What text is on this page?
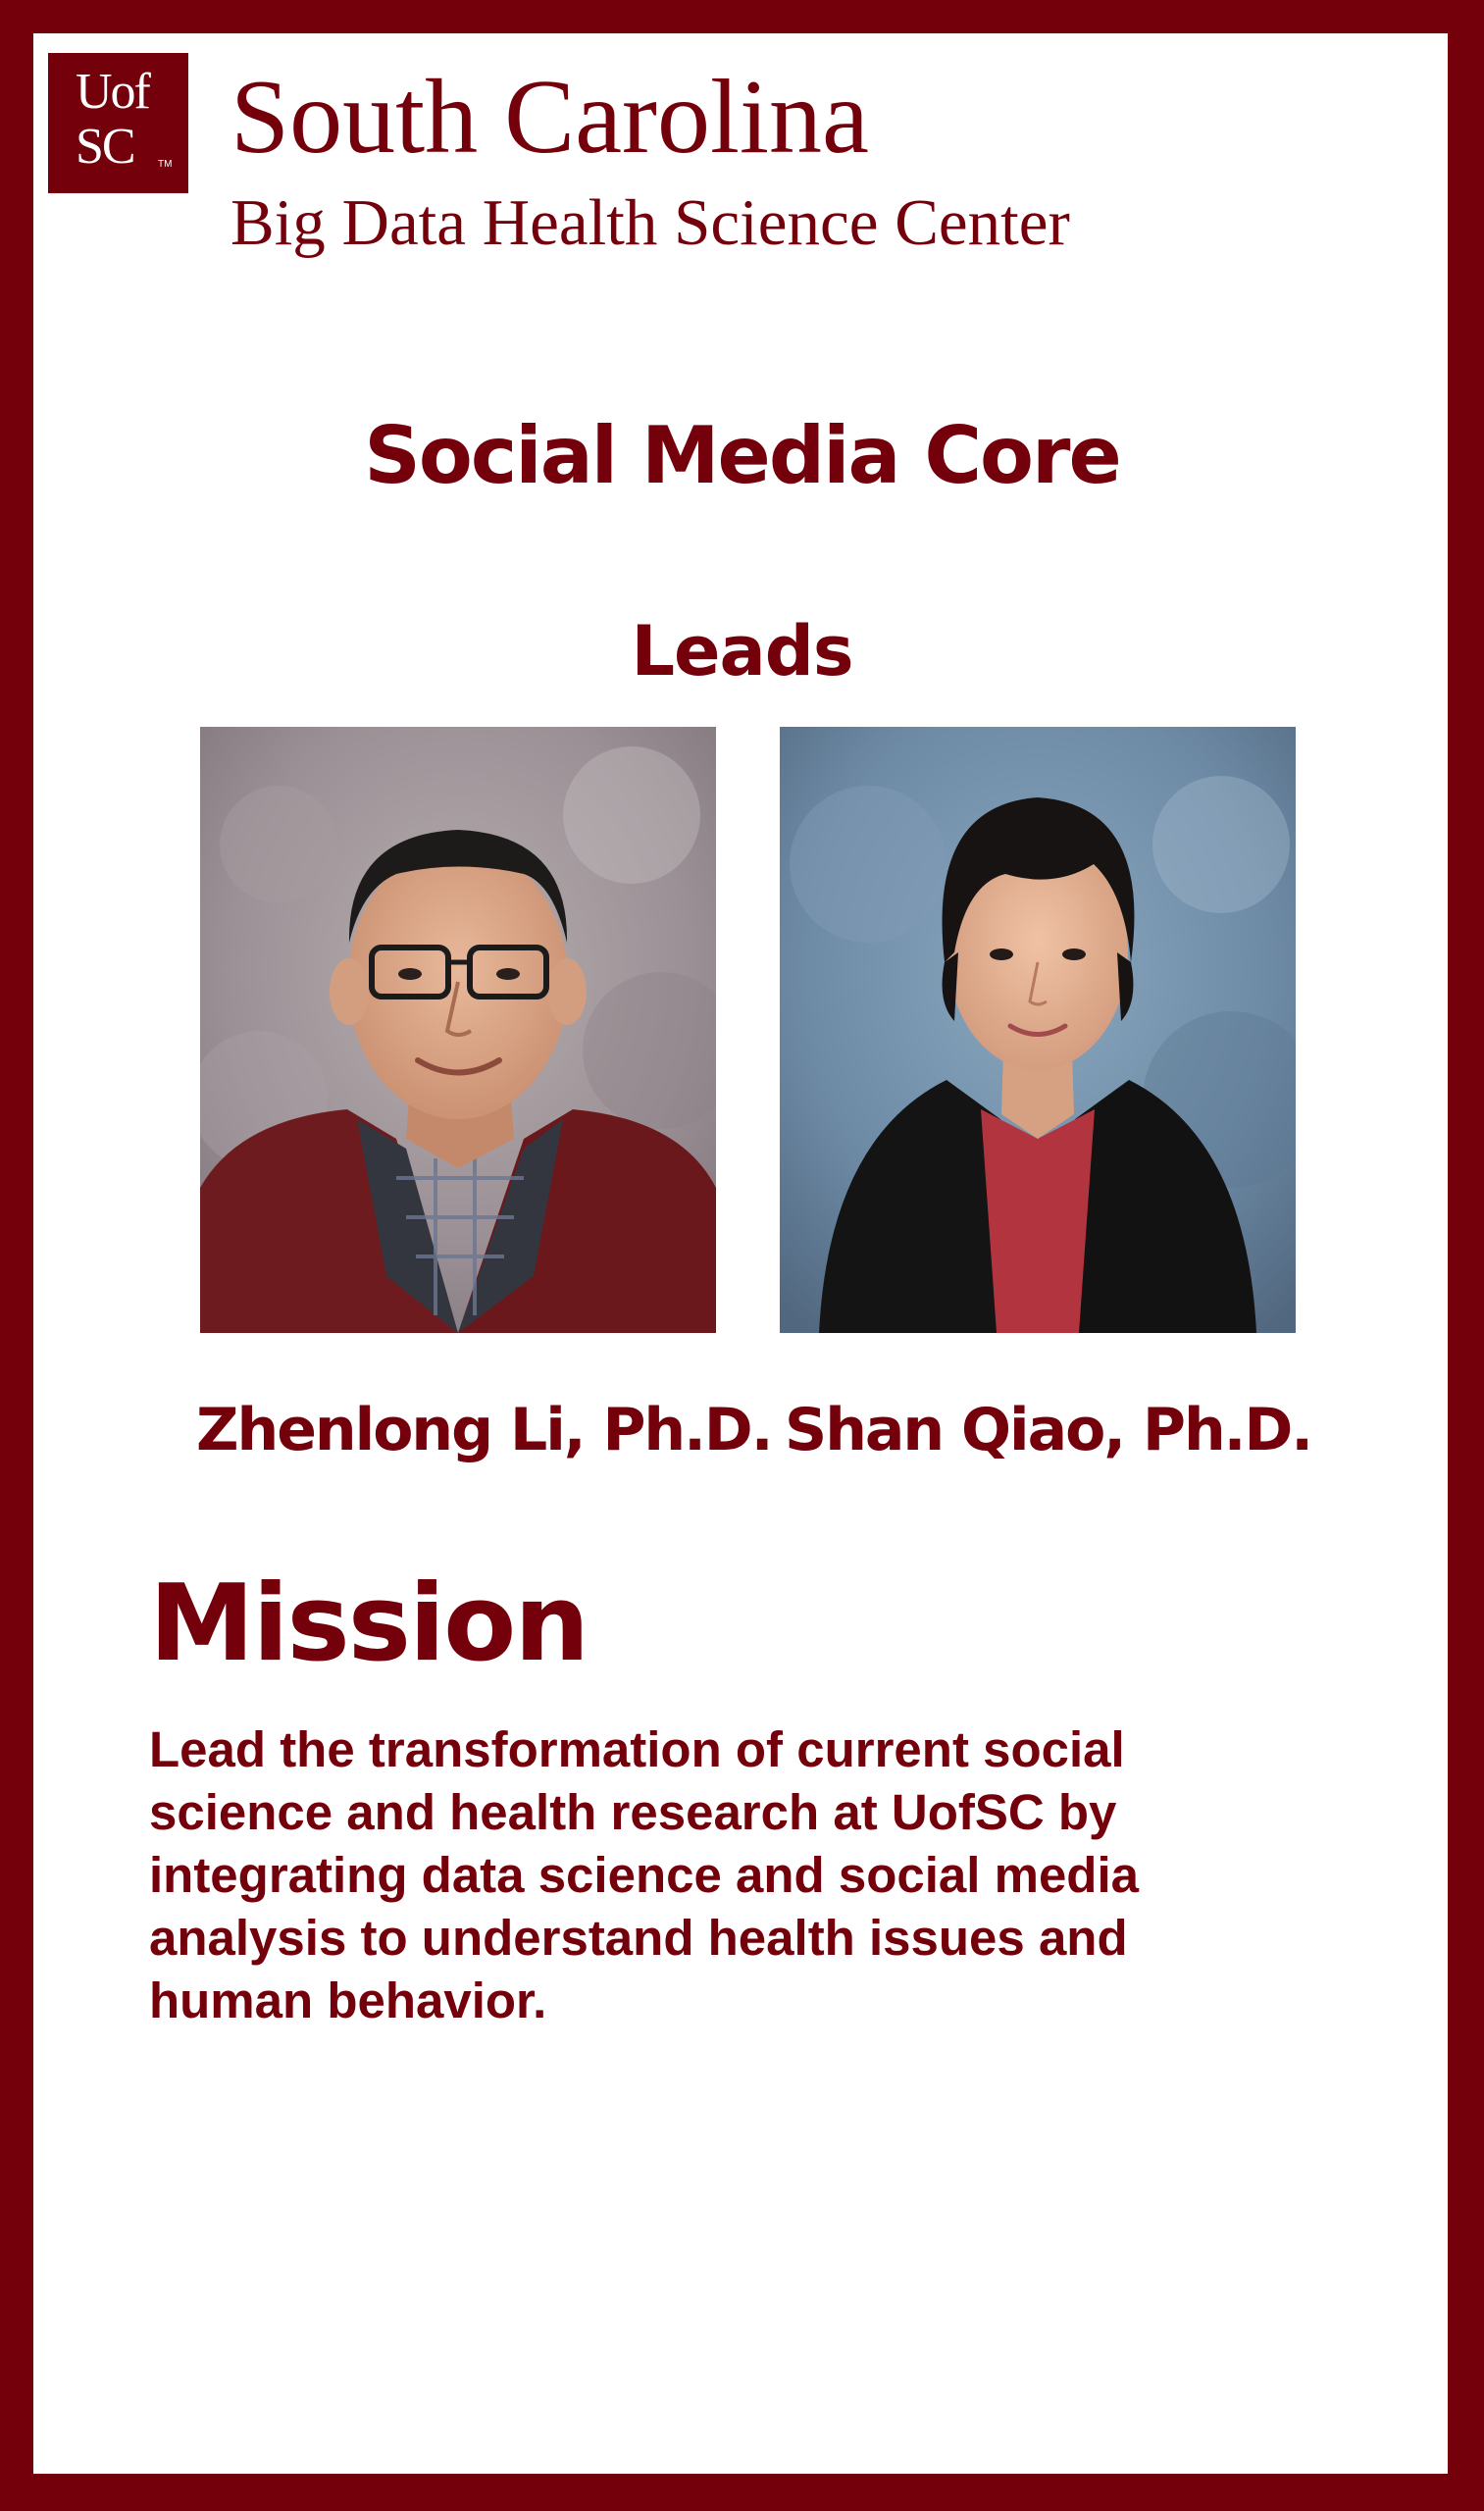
Uof
SC TM South Carolina
Big Data Health Science Center
Social Media Core
Leads
Zhenlong Li, Ph.D. Shan Qiao, Ph.D.
Mission
Lead the transformation of current social science and health research at UofSC by integrating data science and social media analysis to understand health issues and human behavior.
